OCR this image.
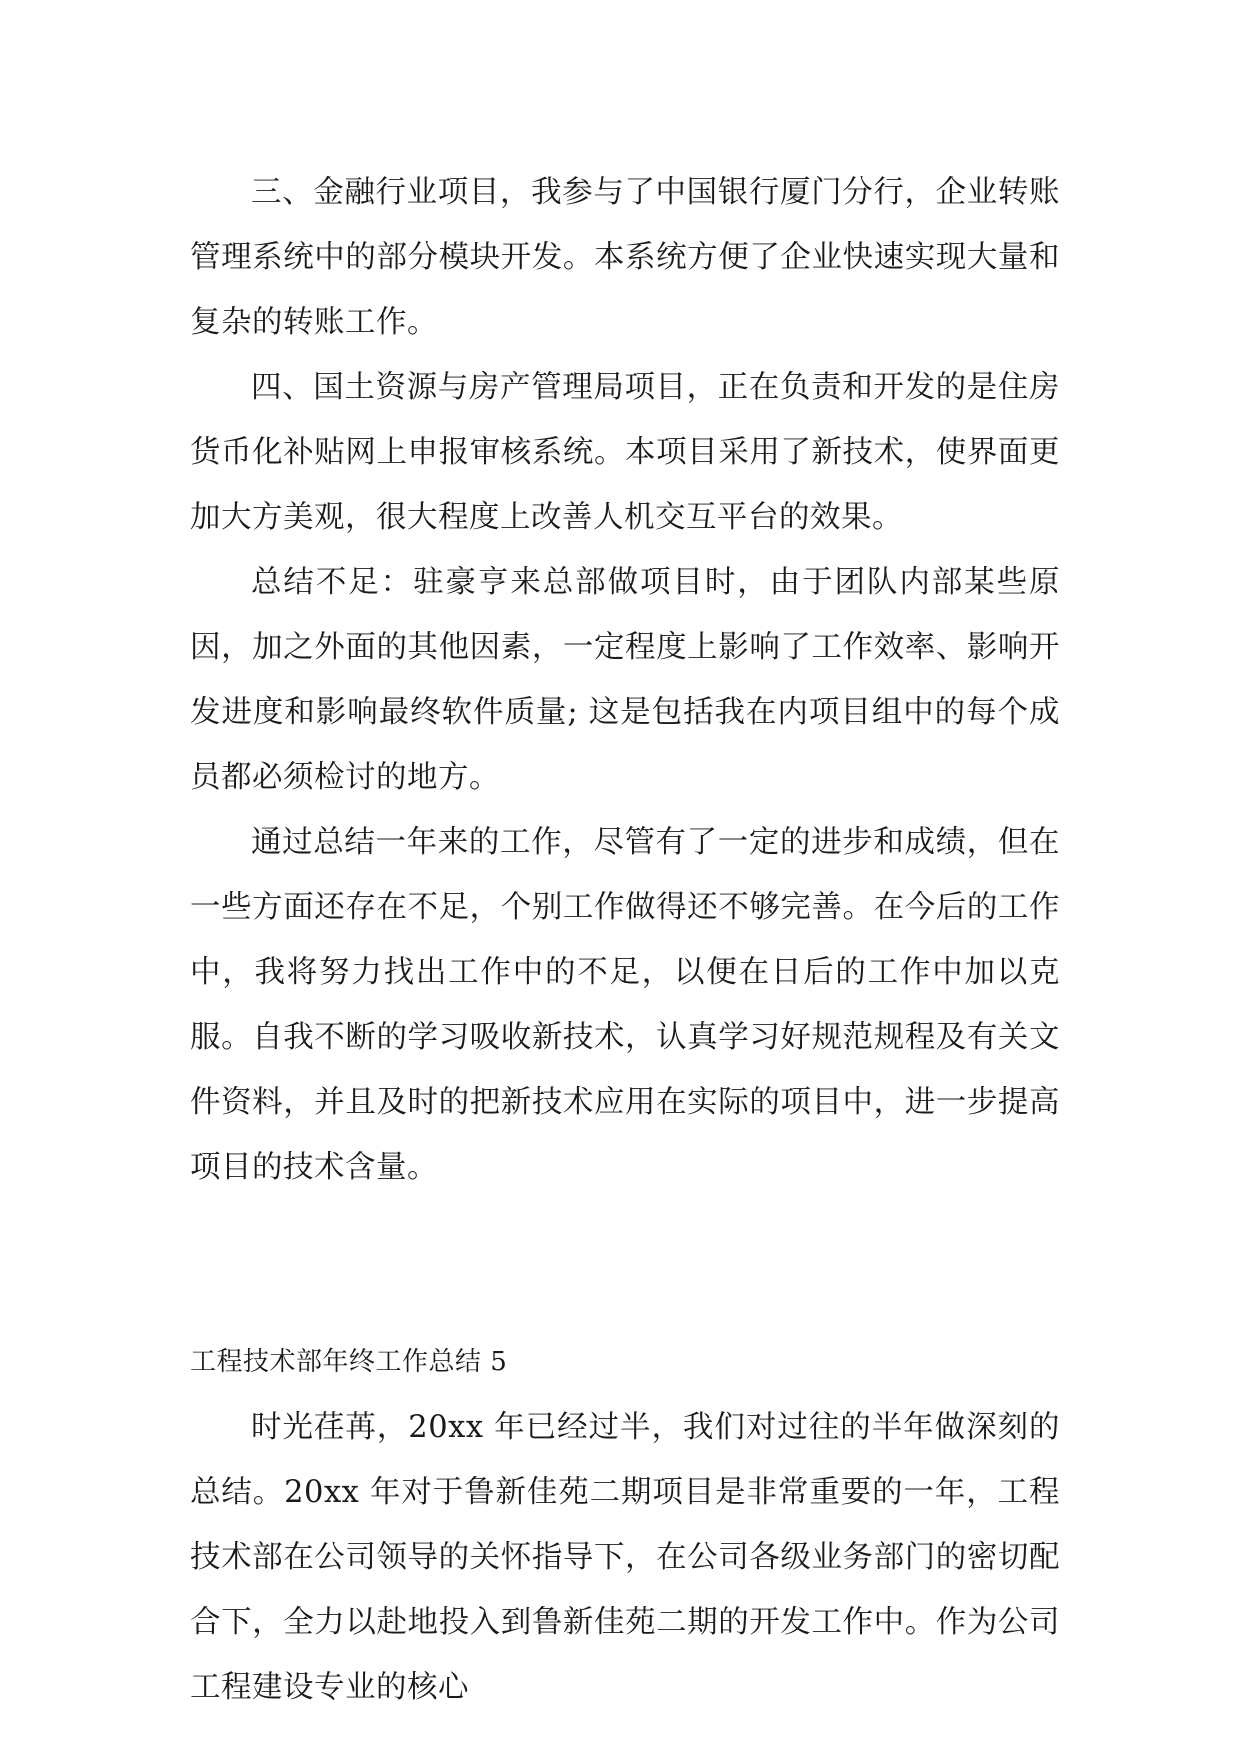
三、金融行业项目，我参与了中国银行厦门分行，企业转账管理系统中的部分模块开发。本系统方便了企业快速实现大量和复杂的转账工作。

四、国土资源与房产管理局项目，正在负责和开发的是住房货币化补贴网上申报审核系统。本项目采用了新技术，使界面更加大方美观，很大程度上改善人机交互平台的效果。

总结不足：驻豪亨来总部做项目时，由于团队内部某些原因，加之外面的其他因素，一定程度上影响了工作效率、影响开发进度和影响最终软件质量; 这是包括我在内项目组中的每个成员都必须检讨的地方。

通过总结一年来的工作，尽管有了一定的进步和成绩，但在一些方面还存在不足，个别工作做得还不够完善。在今后的工作中，我将努力找出工作中的不足，以便在日后的工作中加以克服。自我不断的学习吸收新技术，认真学习好规范规程及有关文件资料，并且及时的把新技术应用在实际的项目中，进一步提高项目的技术含量。

工程技术部年终工作总结 5

时光荏苒，20xx 年已经过半，我们对过往的半年做深刻的总结。20xx 年对于鲁新佳苑二期项目是非常重要的一年，工程技术部在公司领导的关怀指导下，在公司各级业务部门的密切配合下，全力以赴地投入到鲁新佳苑二期的开发工作中。作为公司工程建设专业的核心
